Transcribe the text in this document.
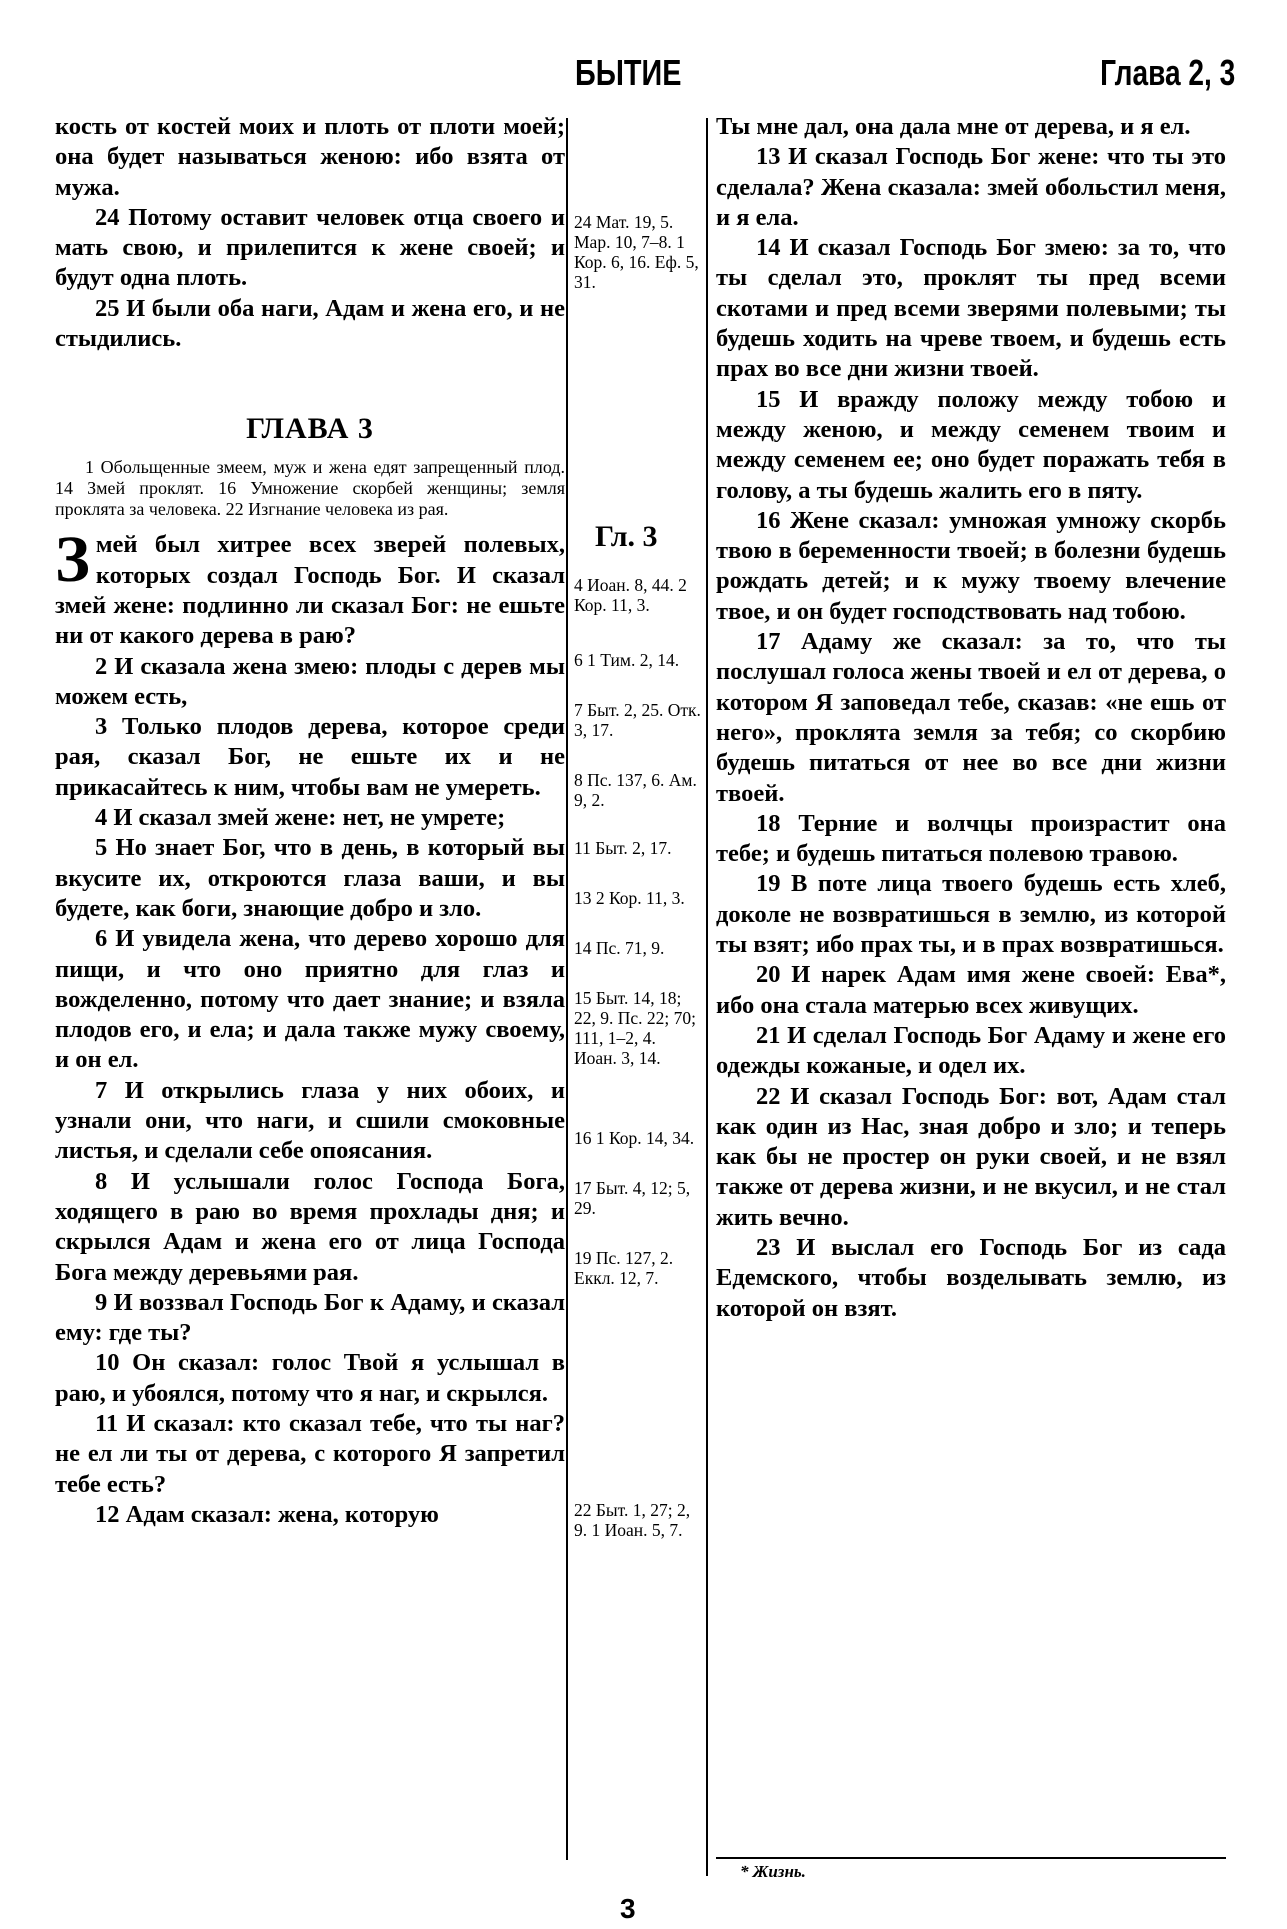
БЫТИЕ	Глава 2, 3

кость от костей моих и плоть от плоти моей; она будет называться женою: ибо взята от мужа.

24 Потому оставит человек отца своего и мать свою, и прилепится к жене своей; и будут одна плоть.

25 И были оба наги, Адам и жена его, и не стыдились.

ГЛАВА 3
1 Обольщенные змеем, муж и жена едят запрещенный плод. 14 Змей проклят. 16 Умножение скорбей женщины; земля проклята за человека. 22 Изгнание человека из рая.

Змей был хитрее всех зверей полевых, которых создал Господь Бог. И сказал змей жене: подлинно ли сказал Бог: не ешьте ни от какого дерева в раю?

2 И сказала жена змею: плоды с дерев мы можем есть,

3 Только плодов дерева, которое среди рая, сказал Бог, не ешьте их и не прикасайтесь к ним, чтобы вам не умереть.

4 И сказал змей жене: нет, не умрете;

5 Но знает Бог, что в день, в который вы вкусите их, откроются глаза ваши, и вы будете, как боги, знающие добро и зло.

6 И увидела жена, что дерево хорошо для пищи, и что оно приятно для глаз и вожделенно, потому что дает знание; и взяла плодов его, и ела; и дала также мужу своему, и он ел.

7 И открылись глаза у них обоих, и узнали они, что наги, и сшили смоковные листья, и сделали себе опоясания.

8 И услышали голос Господа Бога, ходящего в раю во время прохлады дня; и скрылся Адам и жена его от лица Господа Бога между деревьями рая.

9 И воззвал Господь Бог к Адаму, и сказал ему: где ты?

10 Он сказал: голос Твой я услышал в раю, и убоялся, потому что я наг, и скрылся.

11 И сказал: кто сказал тебе, что ты наг? не ел ли ты от дерева, с которого Я запретил тебе есть?

12 Адам сказал: жена, которую

24 Мат. 19, 5. Мар. 10, 7–8. 1 Кор. 6, 16. Еф. 5, 31.
Гл. 3
4 Иоан. 8, 44. 2 Кор. 11, 3.
6 1 Тим. 2, 14.
7 Быт. 2, 25. Отк. 3, 17.
8 Пс. 137, 6. Ам. 9, 2.
11 Быт. 2, 17.
13 2 Кор. 11, 3.
14 Пс. 71, 9.
15 Быт. 14, 18; 22, 9. Пс. 22; 70; 111, 1–2, 4. Иоан. 3, 14.
16 1 Кор. 14, 34.
17 Быт. 4, 12; 5, 29.
19 Пс. 127, 2. Еккл. 12, 7.
22 Быт. 1, 27; 2, 9. 1 Иоан. 5, 7.

Ты мне дал, она дала мне от дерева, и я ел.

13 И сказал Господь Бог жене: что ты это сделала? Жена сказала: змей обольстил меня, и я ела.

14 И сказал Господь Бог змею: за то, что ты сделал это, проклят ты пред всеми скотами и пред всеми зверями полевыми; ты будешь ходить на чреве твоем, и будешь есть прах во все дни жизни твоей.

15 И вражду положу между тобою и между женою, и между семенем твоим и между семенем ее; оно будет поражать тебя в голову, а ты будешь жалить его в пяту.

16 Жене сказал: умножая умножу скорбь твою в беременности твоей; в болезни будешь рождать детей; и к мужу твоему влечение твое, и он будет господствовать над тобою.

17 Адаму же сказал: за то, что ты послушал голоса жены твоей и ел от дерева, о котором Я заповедал тебе, сказав: «не ешь от него», проклята земля за тебя; со скорбию будешь питаться от нее во все дни жизни твоей.

18 Терние и волчцы произрастит она тебе; и будешь питаться полевою травою.

19 В поте лица твоего будешь есть хлеб, доколе не возвратишься в землю, из которой ты взят; ибо прах ты, и в прах возвратишься.

20 И нарек Адам имя жене своей: Ева*, ибо она стала матерью всех живущих.

21 И сделал Господь Бог Адаму и жене его одежды кожаные, и одел их.

22 И сказал Господь Бог: вот, Адам стал как один из Нас, зная добро и зло; и теперь как бы не простер он руки своей, и не взял также от дерева жизни, и не вкусил, и не стал жить вечно.

23 И выслал его Господь Бог из сада Едемского, чтобы возделывать землю, из которой он взят.

* Жизнь.
3
